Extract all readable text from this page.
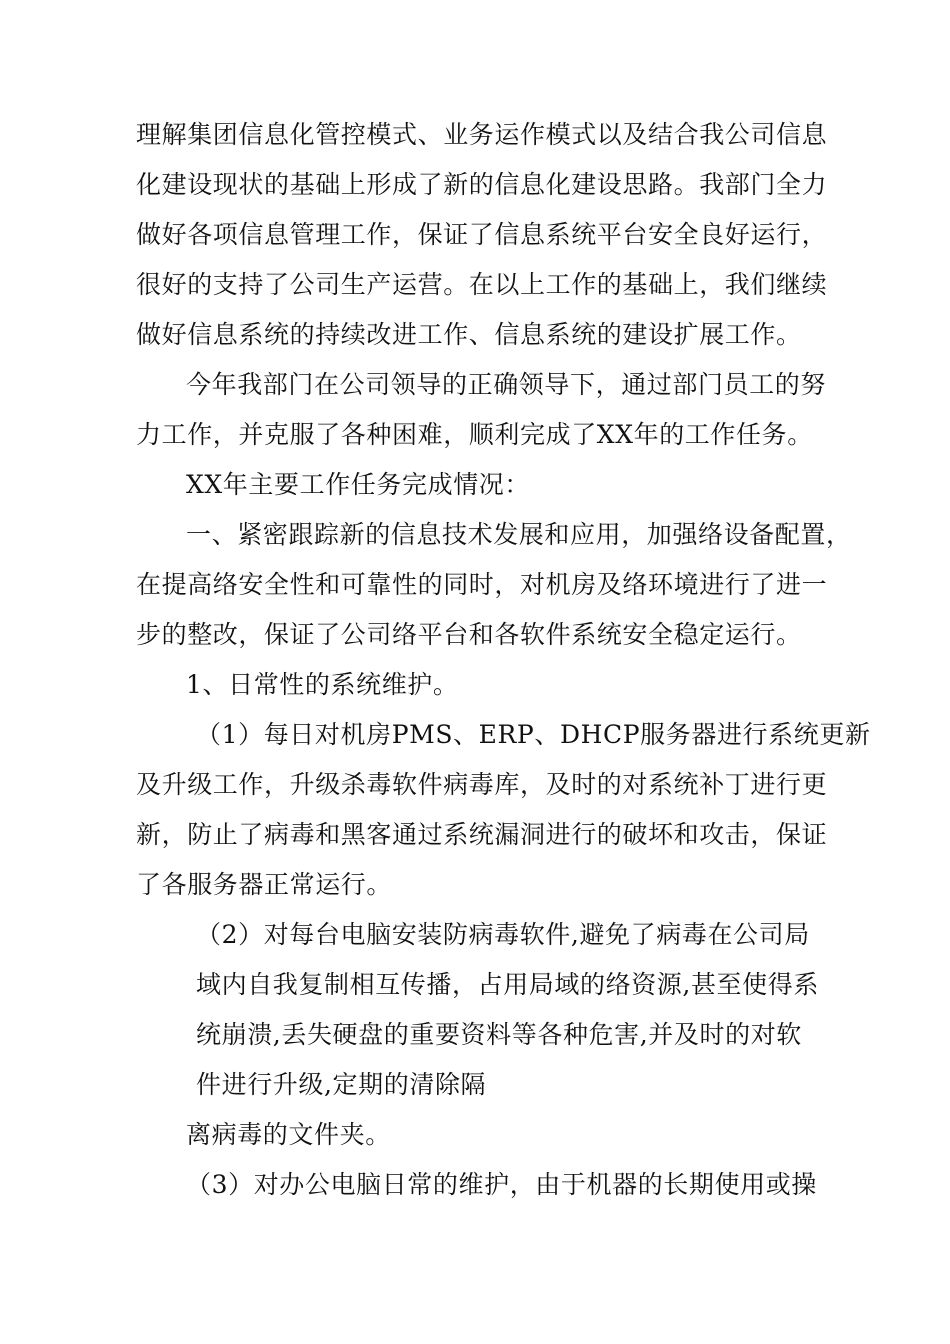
理解集团信息化管控模式、业务运作模式以及结合我公司信息
化建设现状的基础上形成了新的信息化建设思路。我部门全力
做好各项信息管理工作，保证了信息系统平台安全良好运行，
很好的支持了公司生产运营。在以上工作的基础上，我们继续
做好信息系统的持续改进工作、信息系统的建设扩展工作。
今年我部门在公司领导的正确领导下，通过部门员工的努
力工作，并克服了各种困难，顺利完成了XX年的工作任务。
XX年主要工作任务完成情况：
一、紧密跟踪新的信息技术发展和应用，加强络设备配置，
在提高络安全性和可靠性的同时，对机房及络环境进行了进一
步的整改，保证了公司络平台和各软件系统安全稳定运行。
1、日常性的系统维护。
（1）每日对机房PMS、ERP、DHCP服务器进行系统更新
及升级工作，升级杀毒软件病毒库，及时的对系统补丁进行更
新，防止了病毒和黑客通过系统漏洞进行的破坏和攻击，保证
了各服务器正常运行。
（2）对每台电脑安装防病毒软件,避免了病毒在公司局
域内自我复制相互传播，占用局域的络资源,甚至使得系
统崩溃,丢失硬盘的重要资料等各种危害,并及时的对软
件进行升级,定期的清除隔
离病毒的文件夹。
（3）对办公电脑日常的维护，由于机器的长期使用或操
